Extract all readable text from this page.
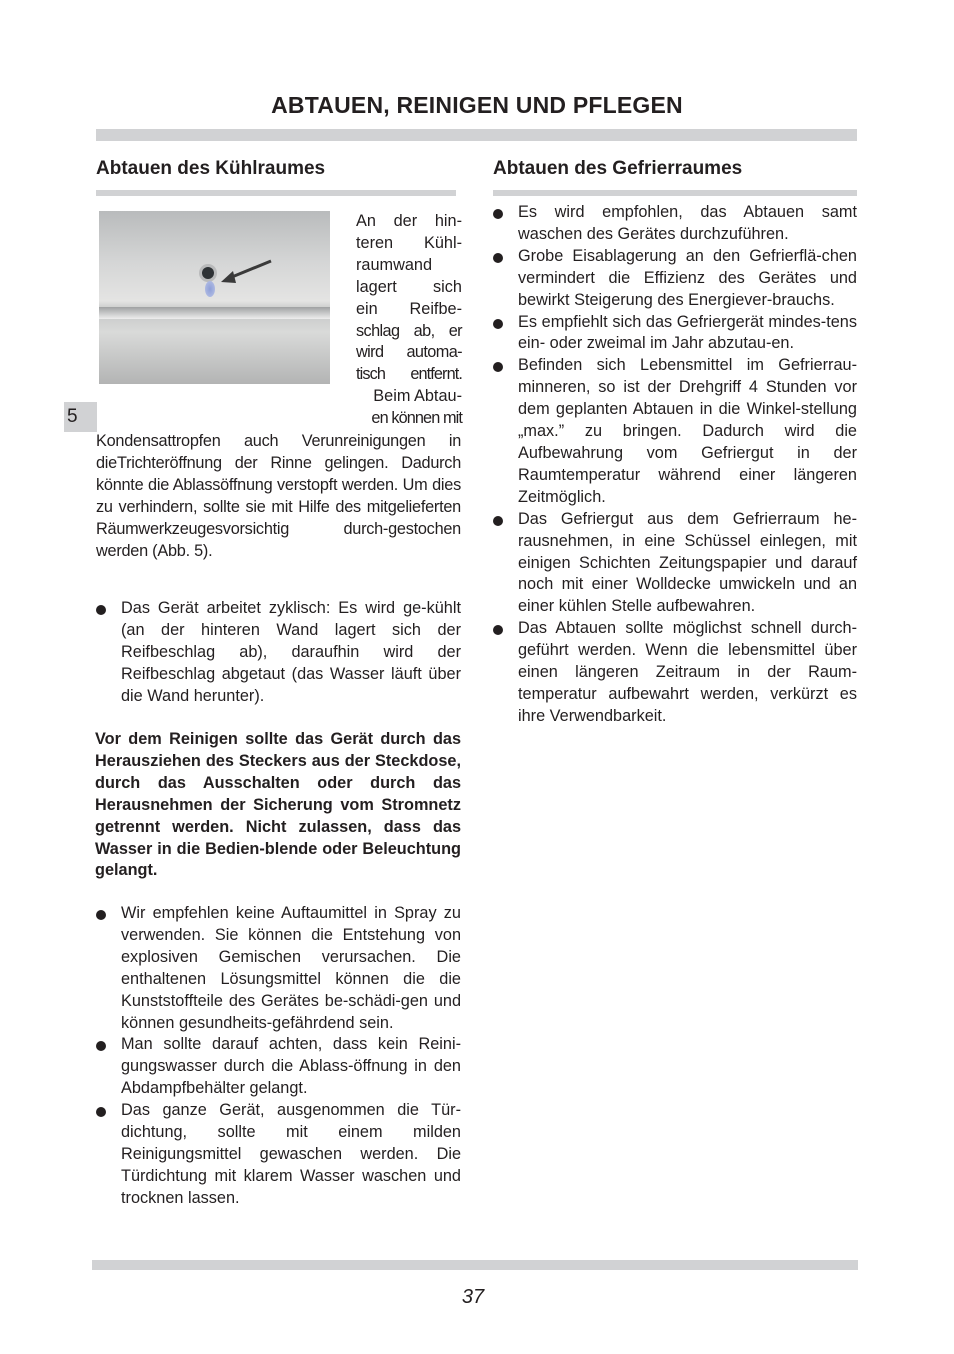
ABTAUEN, REINIGEN UND PFLEGEN
Abtauen des Kühlraumes
An der hin-
teren Kühl-
raumwand
lagert sich
ein Reifbe-
schlag ab, er
wird automa-
tisch entfernt.
Beim Abtau-
en können mit
5

Kondensattropfen auch Verunreinigungen in dieTrichteröffnung der Rinne gelingen. Dadurch könnte die Ablassöffnung verstopft werden. Um dies zu verhindern, sollte sie mit Hilfe des mitgelieferten Räumwerkzeugesvorsichtig durch-gestochen werden (Abb. 5).

Das Gerät arbeitet zyklisch: Es wird ge-kühlt (an der hinteren Wand lagert sich der Reifbeschlag ab), daraufhin wird der Reifbeschlag abgetaut (das Wasser läuft über die Wand herunter).

Vor dem Reinigen sollte das Gerät durch das Herausziehen des Steckers aus der Steckdose, durch das Ausschalten oder durch das Herausnehmen der Sicherung vom Stromnetz getrennt werden. Nicht zulassen, dass das Wasser in die Bedien-blende oder Beleuchtung gelangt.

Wir empfehlen keine Auftaumittel in Spray zu verwenden. Sie können die Entstehung von explosiven Gemischen verursachen. Die enthaltenen Lösungsmittel können die die Kunststoffteile des Gerätes be-schädi-gen und können gesundheits-gefährdend sein.
Man sollte darauf achten, dass kein Reini-gungswasser durch die Ablass-öffnung in den Abdampfbehälter gelangt.
Das ganze Gerät, ausgenommen die Tür- dichtung, sollte mit einem milden Reinigungsmittel gewaschen werden. Die Türdichtung mit klarem Wasser waschen und trocknen lassen.
Abtauen des Gefrierraumes
Es wird empfohlen, das Abtauen samt waschen des Gerätes durchzuführen.
Grobe Eisablagerung an den Gefrierflä-chen vermindert die Effizienz des Gerätes und bewirkt Steigerung des Energiever-brauchs.
Es empfiehlt sich das Gefriergerät mindes-tens ein- oder zweimal im Jahr abzutau-en.
Befinden sich Lebensmittel im Gefrierrau-minneren, so ist der Drehgriff 4 Stunden vor dem geplanten Abtauen in die Winkel-stellung „max.” zu bringen. Dadurch wird die Aufbewahrung vom Gefriergut in der Raumtemperatur während einer längeren Zeitmöglich.
Das Gefriergut aus dem Gefrierraum he-rausnehmen, in eine Schüssel einlegen, mit einigen Schichten Zeitungspapier und darauf noch mit einer Wolldecke umwickeln und an einer kühlen Stelle aufbewahren.
Das Abtauen sollte möglichst schnell durch-geführt werden. Wenn die lebensmittel über einen längeren Zeitraum in der Raum-temperatur aufbewahrt werden, verkürzt es ihre Verwendbarkeit.
37
